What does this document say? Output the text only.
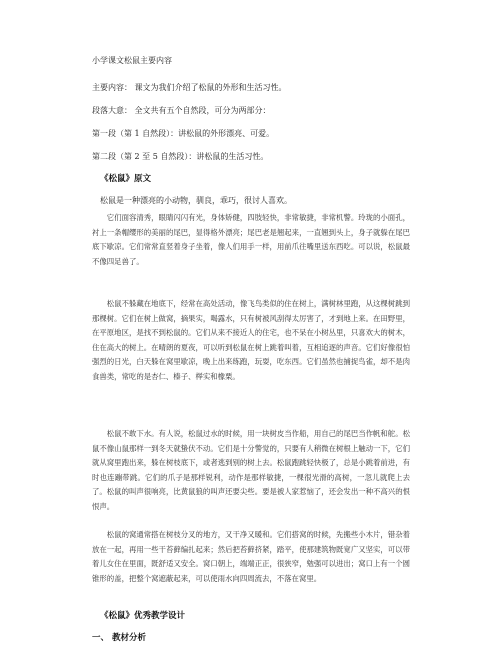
小学课文松鼠主要内容
主要内容： 课文为我们介绍了松鼠的外形和生活习性。
段落大意： 全文共有五个自然段，可分为两部分：
第一段（第 1 自然段）：讲松鼠的外形漂亮、可爱。
第二段（第 2 至 5 自然段）：讲松鼠的生活习性。
《松鼠》原文
松鼠是一种漂亮的小动物，驯良，乖巧，很讨人喜欢。
它们面容清秀，眼睛闪闪有光，身体矫健，四肢轻快，非常敏捷，非常机警。玲珑的小面孔，衬上一条帽缨形的美丽的尾巴，显得格外漂亮；尾巴老是翘起来，一直翘到头上，身子就躲在尾巴底下歇凉。它们常常直竖着身子坐着，像人们用手一样，用前爪往嘴里送东西吃。可以说，松鼠最不像四足兽了。
松鼠不躲藏在地底下，经常在高处活动，像飞鸟类似的住在树上，满树林里跑，从这棵树跳到那棵树。它们在树上做窝，摘果实，喝露水，只有树被风刮得太厉害了，才到地上来。在田野里，在平原地区，是找不到松鼠的。它们从来不接近人的住宅，也不呆在小树丛里，只喜欢大的树木，住在高大的树上。在晴朗的夏夜，可以听到松鼠在树上跳着叫着，互相追逐的声音。它们好像很怕强烈的日光，白天躲在窝里歇凉，晚上出来练跑，玩耍，吃东西。它们虽然也捕捉鸟雀，却不是肉食兽类，常吃的是杏仁、榛子、榉实和橡栗。
松鼠不敢下水。有人说，松鼠过水的时候，用一块树皮当作船，用自己的尾巴当作帆和舵。松鼠不像山鼠那样一到冬天就蛰伏不动。它们是十分警觉的，只要有人稍微在树根上触动一下，它们就从窝里跑出来，躲在树枝底下，或者逃到别的树上去。松鼠跑跳轻快极了，总是小跳着前进，有时也连蹦带跳。它们的爪子是那样锐利，动作是那样敏捷，一棵很光滑的高树，一忽儿就爬上去了。松鼠的叫声很响亮，比黄鼠狼的叫声还要尖些。要是被人家惹恼了，还会发出一种不高兴的恨恨声。
松鼠的窝通常搭在树枝分叉的地方，又干净又暖和。它们搭窝的时候，先搬些小木片，错杂着放在一起，再用一些干苔藓编扎起来；然后把苔藓挤紧，踏平，使那建筑物既宽广又坚实，可以带着儿女住在里面，既舒适又安全。窝口朝上，端端正正，很狭窄，勉强可以进出；窝口上有一个圆锥形的盖，把整个窝遮蔽起来，可以使雨水向四周流去，不落在窝里。
《松鼠》优秀教学设计
一、 教材分析
